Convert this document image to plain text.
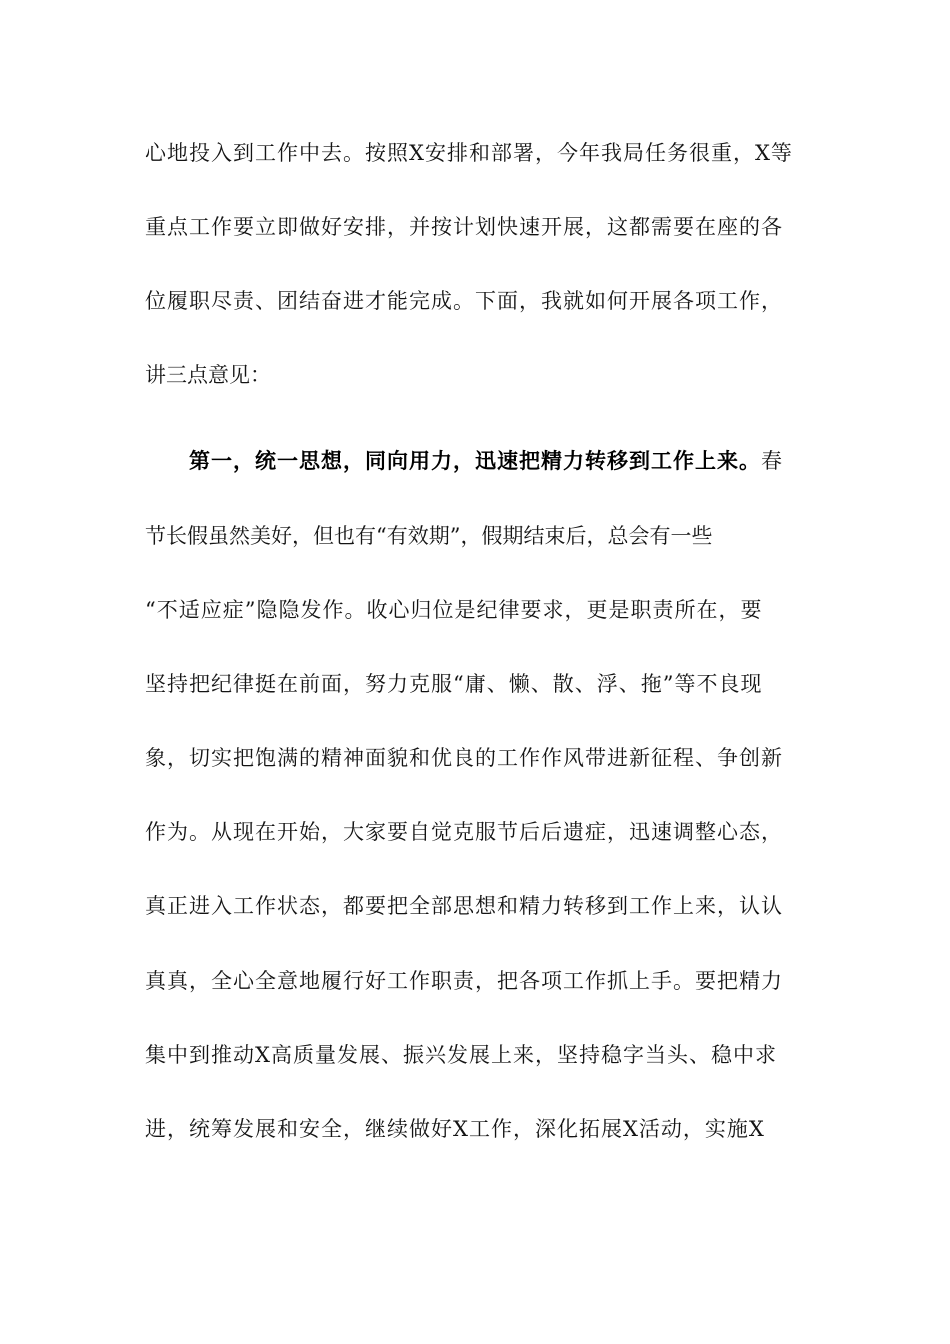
心地投入到工作中去。按照X安排和部署，今年我局任务很重，X等
重点工作要立即做好安排，并按计划快速开展，这都需要在座的各
位履职尽责、团结奋进才能完成。下面，我就如何开展各项工作，
讲三点意见：
第一，统一思想，同向用力，迅速把精力转移到工作上来。春
节长假虽然美好，但也有“有效期”，假期结束后，总会有一些
“不适应症”隐隐发作。收心归位是纪律要求，更是职责所在，要
坚持把纪律挺在前面，努力克服“庸、懒、散、浮、拖”等不良现
象，切实把饱满的精神面貌和优良的工作作风带进新征程、争创新
作为。从现在开始，大家要自觉克服节后后遗症，迅速调整心态，
真正进入工作状态，都要把全部思想和精力转移到工作上来，认认
真真，全心全意地履行好工作职责，把各项工作抓上手。要把精力
集中到推动X高质量发展、振兴发展上来，坚持稳字当头、稳中求
进，统筹发展和安全，继续做好X工作，深化拓展X活动，实施X
